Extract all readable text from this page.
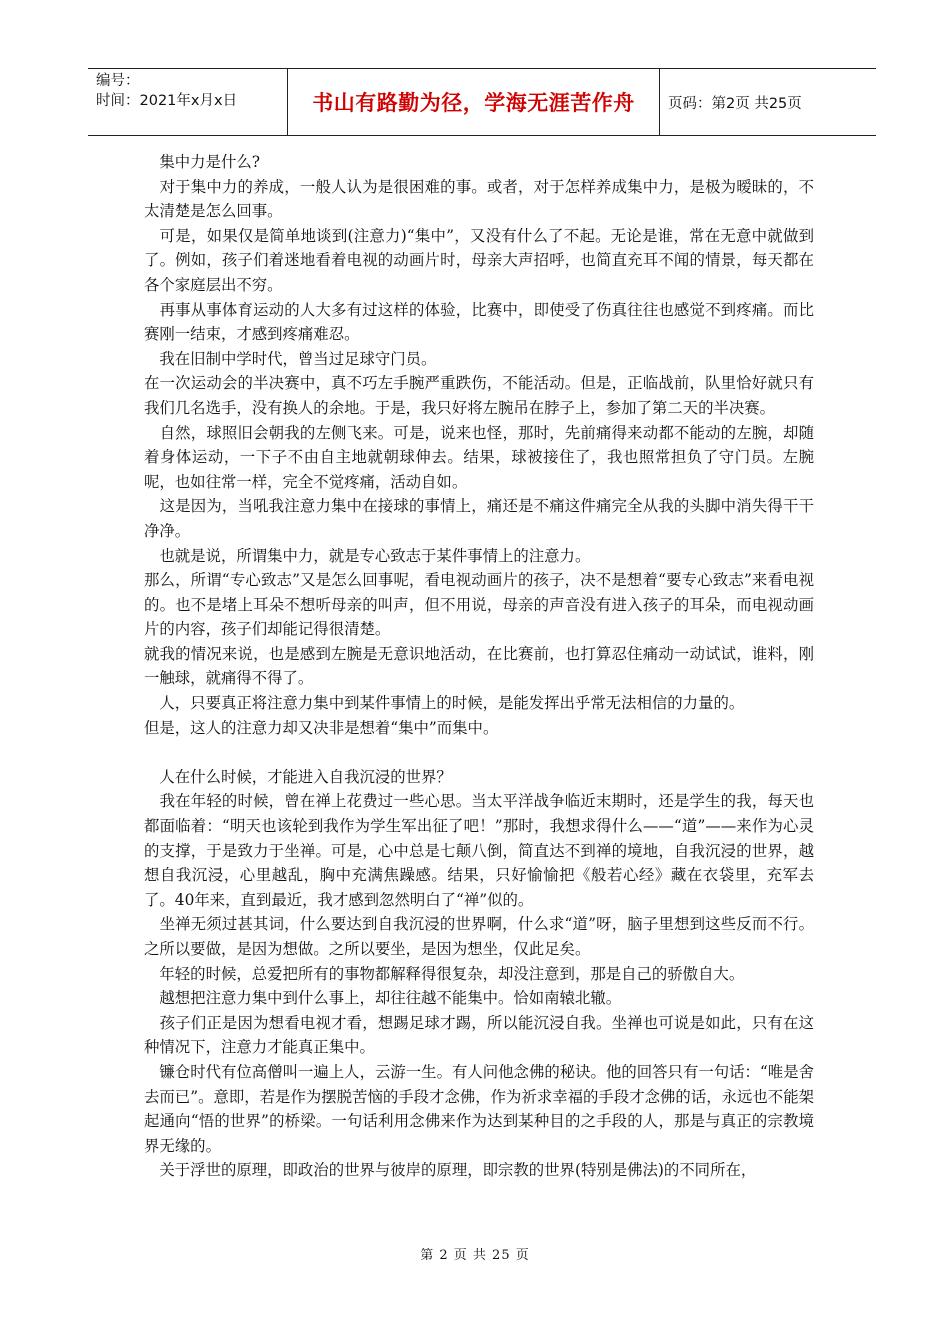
编号：
时间：2021年x月x日	书山有路勤为径，学海无涯苦作舟	页码：第2页 共25页

　集中力是什么?

　对于集中力的养成，一般人认为是很困难的事。或者，对于怎样养成集中力，是极为暧昧的，不太清楚是怎么回事。

　可是，如果仅是简单地谈到(注意力)“集中”，又没有什么了不起。无论是谁，常在无意中就做到了。例如，孩子们着迷地看着电视的动画片时，母亲大声招呼，也简直充耳不闻的情景，每天都在各个家庭层出不穷。

　再事从事体育运动的人大多有过这样的体验，比赛中，即使受了伤真往往也感觉不到疼痛。而比赛刚一结束，才感到疼痛难忍。

　我在旧制中学时代，曾当过足球守门员。

在一次运动会的半决赛中，真不巧左手腕严重跌伤，不能活动。但是，正临战前，队里恰好就只有我们几名选手，没有换人的余地。于是，我只好将左腕吊在脖子上，参加了第二天的半决赛。

　自然，球照旧会朝我的左侧飞来。可是，说来也怪，那时，先前痛得来动都不能动的左腕，却随着身体运动，一下子不由自主地就朝球伸去。结果，球被接住了，我也照常担负了守门员。左腕呢，也如往常一样，完全不觉疼痛，活动自如。

　这是因为，当吼我注意力集中在接球的事情上，痛还是不痛这件痛完全从我的头脚中消失得干干净净。

　也就是说，所谓集中力，就是专心致志于某件事情上的注意力。

那么，所谓“专心致志”又是怎么回事呢，看电视动画片的孩子，决不是想着“要专心致志”来看电视的。也不是堵上耳朵不想听母亲的叫声，但不用说，母亲的声音没有进入孩子的耳朵，而电视动画片的内容，孩子们却能记得很清楚。

就我的情况来说，也是感到左腕是无意识地活动，在比赛前，也打算忍住痛动一动试试，谁料，刚一触球，就痛得不得了。

　人，只要真正将注意力集中到某件事情上的时候，是能发挥出乎常无法相信的力量的。

但是，这人的注意力却又决非是想着“集中”而集中。

　人在什么时候，才能进入自我沉浸的世界？

　我在年轻的时候，曾在禅上花费过一些心思。当太平洋战争临近末期时，还是学生的我，每天也都面临着：“明天也该轮到我作为学生军出征了吧！”那时，我想求得什么——“道”——来作为心灵的支撑，于是致力于坐禅。可是，心中总是七颠八倒，简直达不到禅的境地，自我沉浸的世界，越想自我沉浸，心里越乱，胸中充满焦躁感。结果，只好愉愉把《般若心经》藏在衣袋里，充军去了。40年来，直到最近，我才感到忽然明白了“禅”似的。

　坐禅无须过甚其词，什么要达到自我沉浸的世界啊，什么求“道”呀，脑子里想到这些反而不行。之所以要做，是因为想做。之所以要坐，是因为想坐，仅此足矣。

　年轻的时候，总爱把所有的事物都解释得很复杂，却没注意到，那是自己的骄傲自大。

　越想把注意力集中到什么事上，却往往越不能集中。恰如南辕北辙。

　孩子们正是因为想看电视才看，想踢足球才踢，所以能沉浸自我。坐禅也可说是如此，只有在这种情况下，注意力才能真正集中。

　镰仓时代有位高僧叫一遍上人，云游一生。有人问他念佛的秘诀。他的回答只有一句话：“唯是舍去而已”。意即，若是作为摆脱苦恼的手段才念佛，作为祈求幸福的手段才念佛的话，永远也不能架起通向“悟的世界”的桥梁。一句话利用念佛来作为达到某种目的之手段的人，那是与真正的宗教境界无缘的。

　关于浮世的原理，即政治的世界与彼岸的原理，即宗教的世界(特别是佛法)的不同所在，

第 2 页 共 25 页
